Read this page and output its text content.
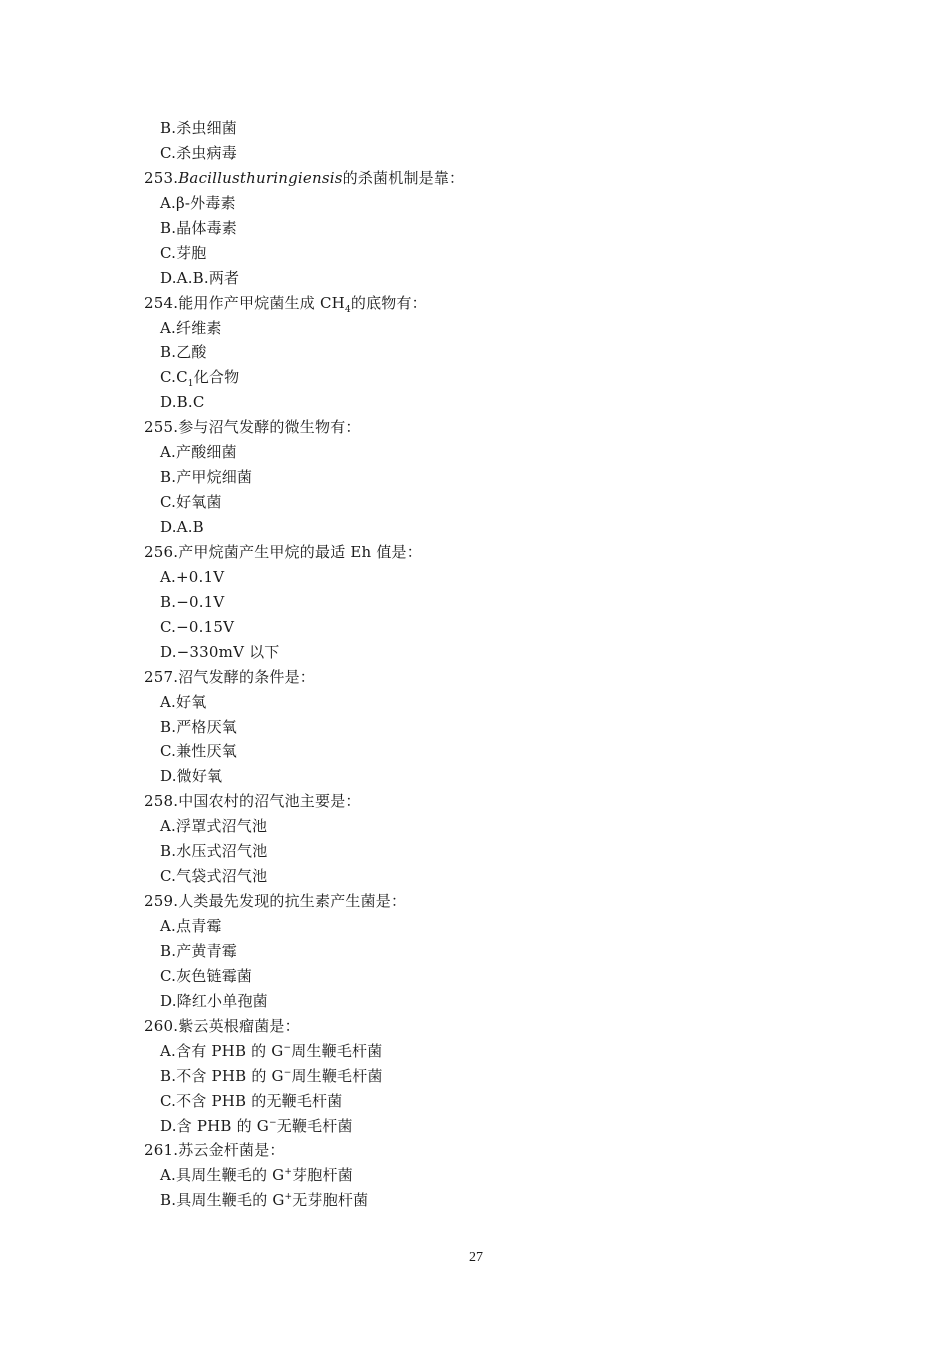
B.杀虫细菌
C.杀虫病毒
253.Bacillusthuringiensis的杀菌机制是靠：
A.β-外毒素
B.晶体毒素
C.芽胞
D.A.B.两者
254.能用作产甲烷菌生成 $CH_4$的底物有：
A.纤维素
B.乙酸
$C.C_1$化合物
D.B.C
255.参与沼气发酵的微生物有：
A.产酸细菌
B.产甲烷细菌
C.好氧菌
D.A.B
256.产甲烷菌产生甲烷的最适 Eh 值是：
A.+0.1V
B.−0.1V
C.−0.15V
D.−330mV 以下
257.沼气发酵的条件是：
A.好氧
B.严格厌氧
C.兼性厌氧
D.微好氧
258.中国农村的沼气池主要是：
A.浮罩式沼气池
B.水压式沼气池
C.气袋式沼气池
259.人类最先发现的抗生素产生菌是：
A.点青霉
B.产黄青霉
C.灰色链霉菌
D.降红小单孢菌
260.紫云英根瘤菌是：
A.含有 PHB 的 G−周生鞭毛杆菌
B.不含 PHB 的 G−周生鞭毛杆菌
C.不含 PHB 的无鞭毛杆菌
D.含 PHB 的 G−无鞭毛杆菌
261.苏云金杆菌是：
A.具周生鞭毛的 G+芽胞杆菌
B.具周生鞭毛的 G+无芽胞杆菌
27
